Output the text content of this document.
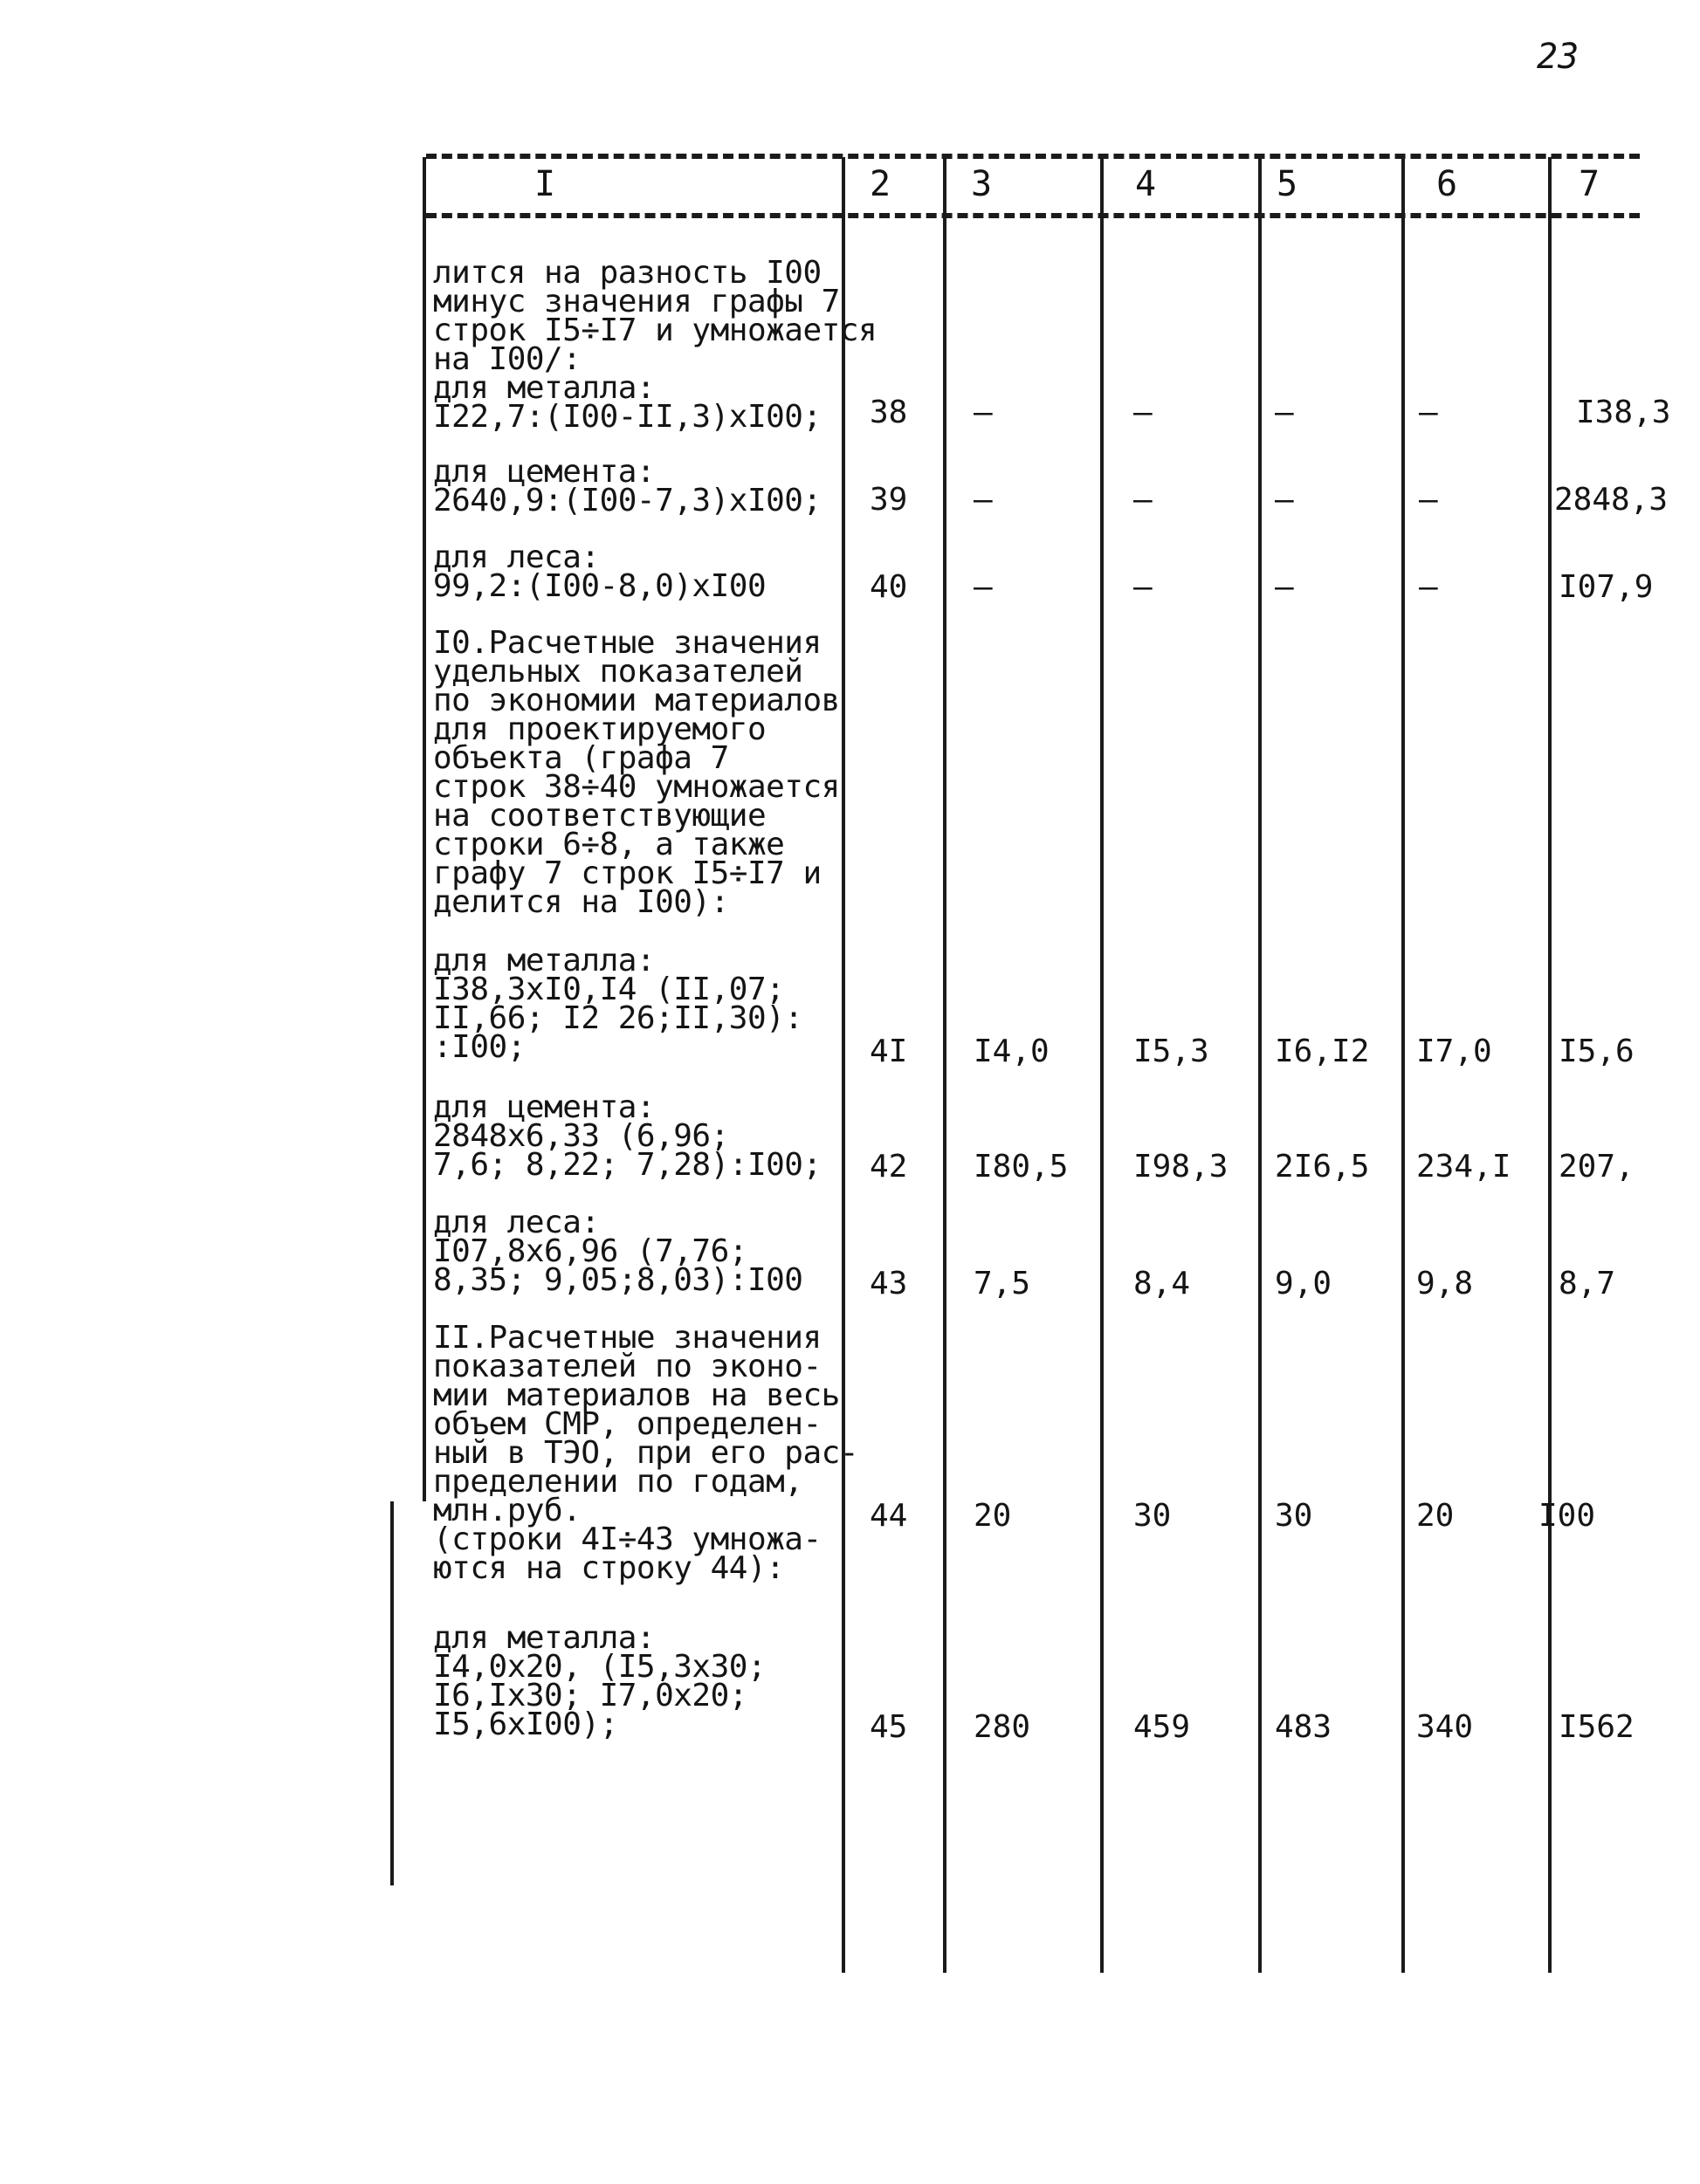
23
I	2 3	4	5	6	7
лится на разность I00
минус значения графы 7
строк I5÷I7 и умножается
на I00/:
для металла:
I22,7:(I00-II,3)xI00;	38 –	–	–	–	I38,3
для цемента:
2640,9:(I00-7,3)xI00; 39 –	–	–	–	2848,3
для леса:
99,2:(I00-8,0)xI00	40 –	–	–	–	I07,9
I0.Расчетные значения
удельных показателей
по экономии материалов
для проектируемого
объекта (графа 7
строк 38÷40 умножается
на соответствующие
строки 6÷8, а также
графу 7 строк I5÷I7 и
делится на I00):
для металла:
I38,3xI0,I4 (II,07;
II,66; I2 26;II,30):
:I00;	4I I4,0	I5,3 I6,I2 I7,0 I5,6
для цемента:
2848x6,33 (6,96;
7,6; 8,22; 7,28):I00; 42 I80,5 I98,3 2I6,5 234,I 207,
для леса:
I07,8x6,96 (7,76;
8,35; 9,05;8,03):I00 43 7,5	8,4	9,0	9,8	8,7
II.Расчетные значения
показателей по эконо-
мии материалов на весь
объем СМР, определен-
ный в ТЭО, при его рас-
пределении по годам,
млн.руб.
(строки 4I÷43 умножа-
ются на строку 44):
44 20	30	30	20	I00
для металла:
I4,0x20, (I5,3x30;
I6,Ix30; I7,0x20;
I5,6xI00);	45 280	459	483	340	I562
